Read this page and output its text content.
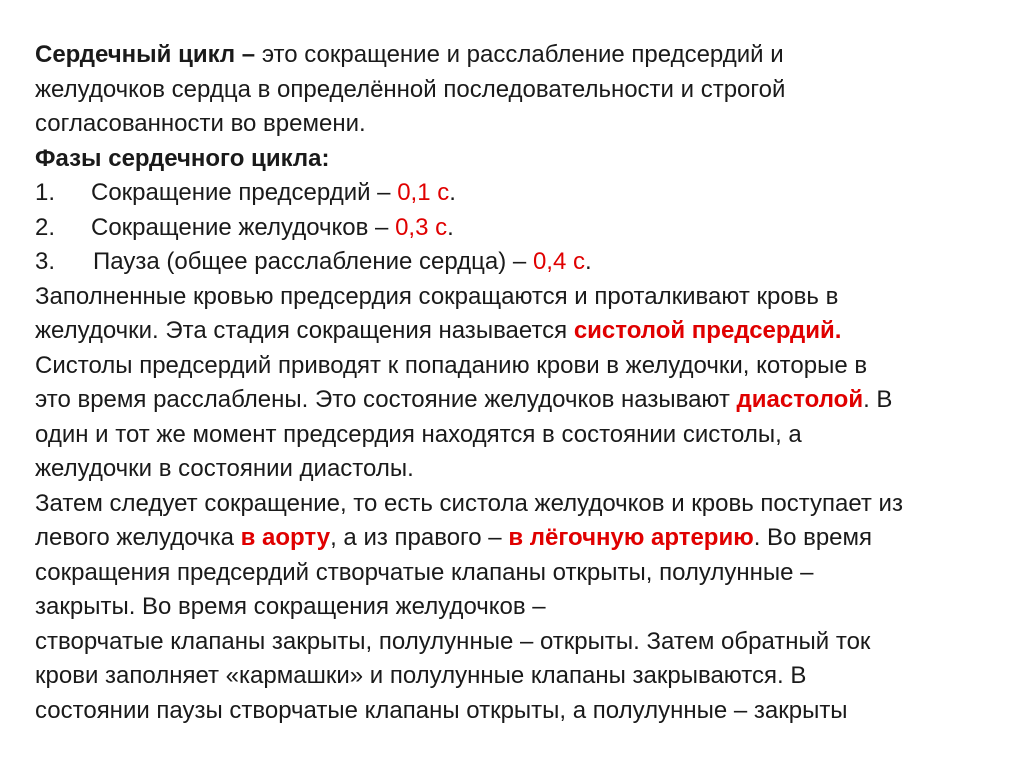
Сердечный цикл – это сокращение и расслабление предсердий и
желудочков сердца в определённой последовательности и строгой
согласованности во времени.
Фазы сердечного цикла:
1. Сокращение предсердий – 0,1 с.
2. Сокращение желудочков – 0,3 с.
3. Пауза (общее расслабление сердца) – 0,4 с.
Заполненные кровью предсердия сокращаются и проталкивают кровь в
желудочки. Эта стадия сокращения называется систолой предсердий.
Систолы предсердий приводят к попаданию крови в желудочки, которые в
это время расслаблены. Это состояние желудочков называют диастолой. В
один и тот же момент предсердия находятся в состоянии систолы, а
желудочки в состоянии диастолы.
Затем следует сокращение, то есть систола желудочков и кровь поступает из
левого желудочка в аорту, а из правого – в лёгочную артерию. Во время
сокращения предсердий створчатые клапаны открыты, полулунные –
закрыты. Во время сокращения желудочков –
створчатые клапаны закрыты, полулунные – открыты. Затем обратный ток
крови заполняет «кармашки» и полулунные клапаны закрываются. В
состоянии паузы створчатые клапаны открыты, а полулунные – закрыты
